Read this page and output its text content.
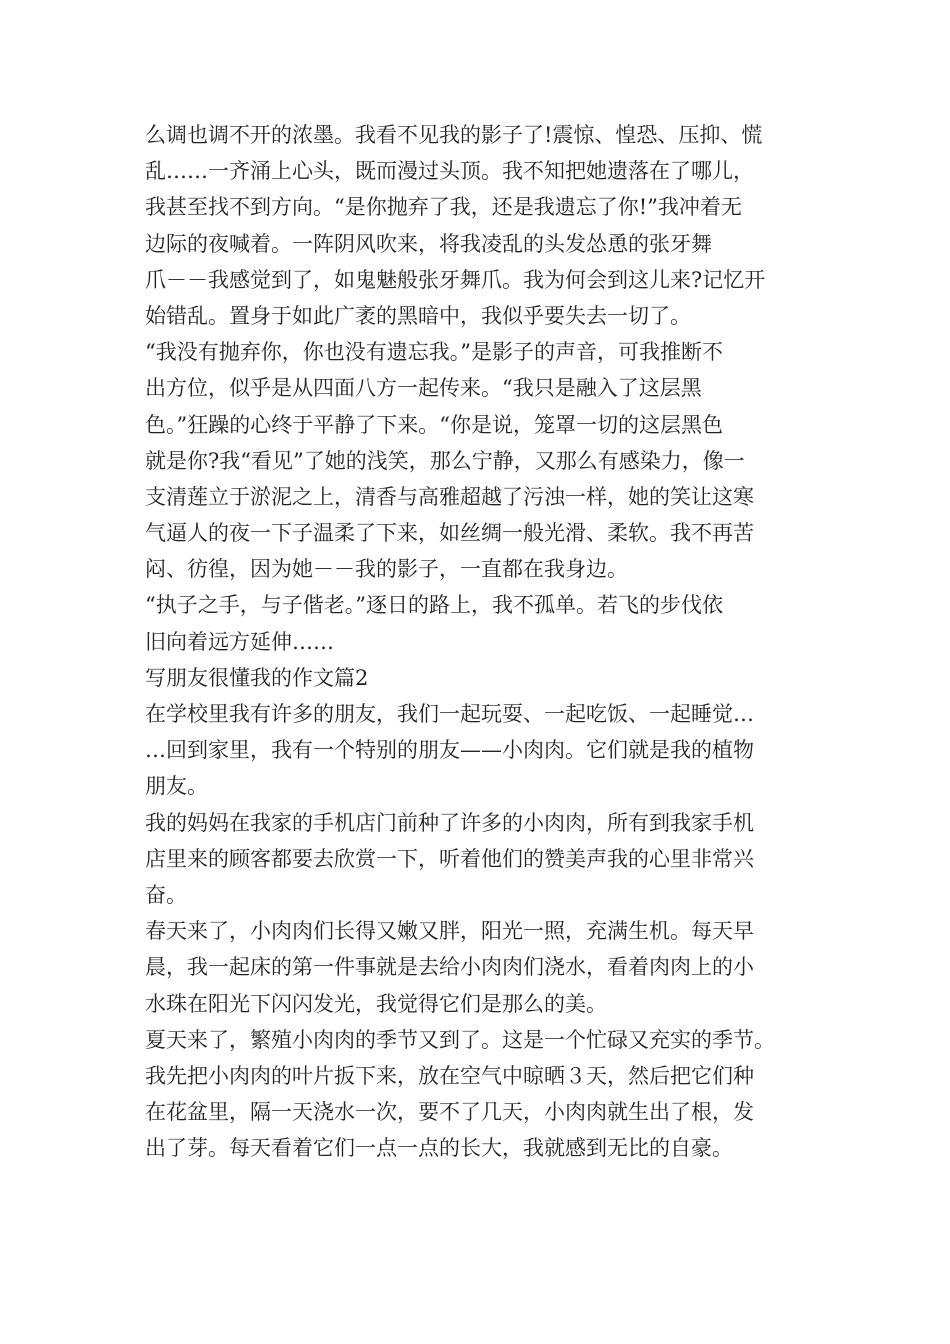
么调也调不开的浓墨。我看不见我的影子了!震惊、惶恐、压抑、慌
乱……一齐涌上心头，既而漫过头顶。我不知把她遗落在了哪儿，
我甚至找不到方向。“是你抛弃了我，还是我遗忘了你!”我冲着无
边际的夜喊着。一阵阴风吹来，将我凌乱的头发怂恿的张牙舞
爪－－我感觉到了，如鬼魅般张牙舞爪。我为何会到这儿来?记忆开
始错乱。置身于如此广袤的黑暗中，我似乎要失去一切了。
“我没有抛弃你，你也没有遗忘我。”是影子的声音，可我推断不
出方位，似乎是从四面八方一起传来。“我只是融入了这层黑
色。”狂躁的心终于平静了下来。“你是说，笼罩一切的这层黑色
就是你?我“看见”了她的浅笑，那么宁静，又那么有感染力，像一
支清莲立于淤泥之上，清香与高雅超越了污浊一样，她的笑让这寒
气逼人的夜一下子温柔了下来，如丝绸一般光滑、柔软。我不再苦
闷、彷徨，因为她－－我的影子，一直都在我身边。
“执子之手，与子偕老。”逐日的路上，我不孤单。若飞的步伐依
旧向着远方延伸……
写朋友很懂我的作文篇2
在学校里我有许多的朋友，我们一起玩耍、一起吃饭、一起睡觉…
…回到家里，我有一个特别的朋友——小肉肉。它们就是我的植物
朋友。
我的妈妈在我家的手机店门前种了许多的小肉肉，所有到我家手机
店里来的顾客都要去欣赏一下，听着他们的赞美声我的心里非常兴
奋。
春天来了，小肉肉们长得又嫩又胖，阳光一照，充满生机。每天早
晨，我一起床的第一件事就是去给小肉肉们浇水，看着肉肉上的小
水珠在阳光下闪闪发光，我觉得它们是那么的美。
夏天来了，繁殖小肉肉的季节又到了。这是一个忙碌又充实的季节。
我先把小肉肉的叶片扳下来，放在空气中晾晒３天，然后把它们种
在花盆里，隔一天浇水一次，要不了几天，小肉肉就生出了根，发
出了芽。每天看着它们一点一点的长大，我就感到无比的自豪。
